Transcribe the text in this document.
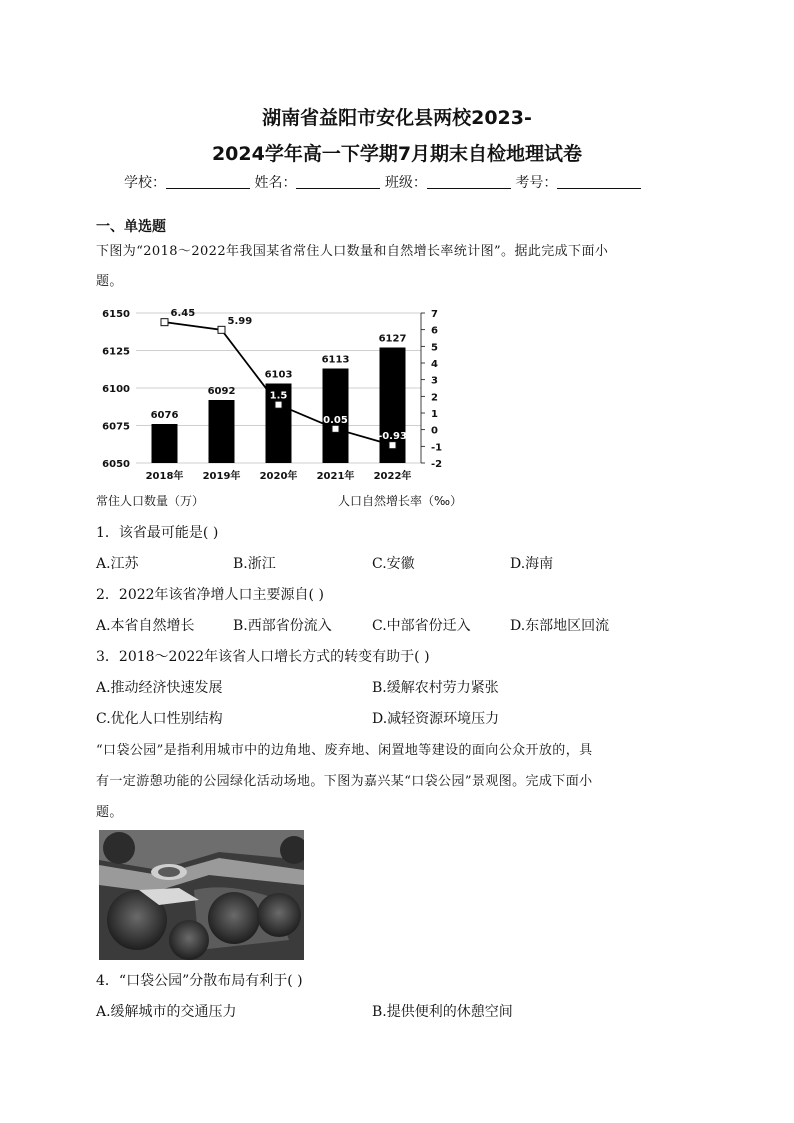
湖南省益阳市安化县两校2023-
2024学年高一下学期7月期末自检地理试卷
学校：	姓名：	班级：	考号：
一、单选题
下图为“2018～2022年我国某省常住人口数量和自然增长率统计图”。据此完成下面小
题。
6050
6075
6100
6125
6150
-2
-1
0
1
2
3
4
5
6
7
6076
2018年
6092
2019年
6103
2020年
6113
2021年
6127
2022年
6.45
5.99
1.5
0.05
-0.93
常住人口数量（万）	人口自然增长率（‰）
1．该省最可能是( )
A.江苏	B.浙江	C.安徽	D.海南
2．2022年该省净增人口主要源自( )
A.本省自然增长	B.西部省份流入	C.中部省份迁入	D.东部地区回流
3．2018～2022年该省人口增长方式的转变有助于( )
A.推动经济快速发展	B.缓解农村劳力紧张
C.优化人口性别结构	D.减轻资源环境压力
“口袋公园”是指利用城市中的边角地、废弃地、闲置地等建设的面向公众开放的，具
有一定游憩功能的公园绿化活动场地。下图为嘉兴某“口袋公园”景观图。完成下面小
题。
4．“口袋公园”分散布局有利于( )
A.缓解城市的交通压力	B.提供便利的休憩空间
